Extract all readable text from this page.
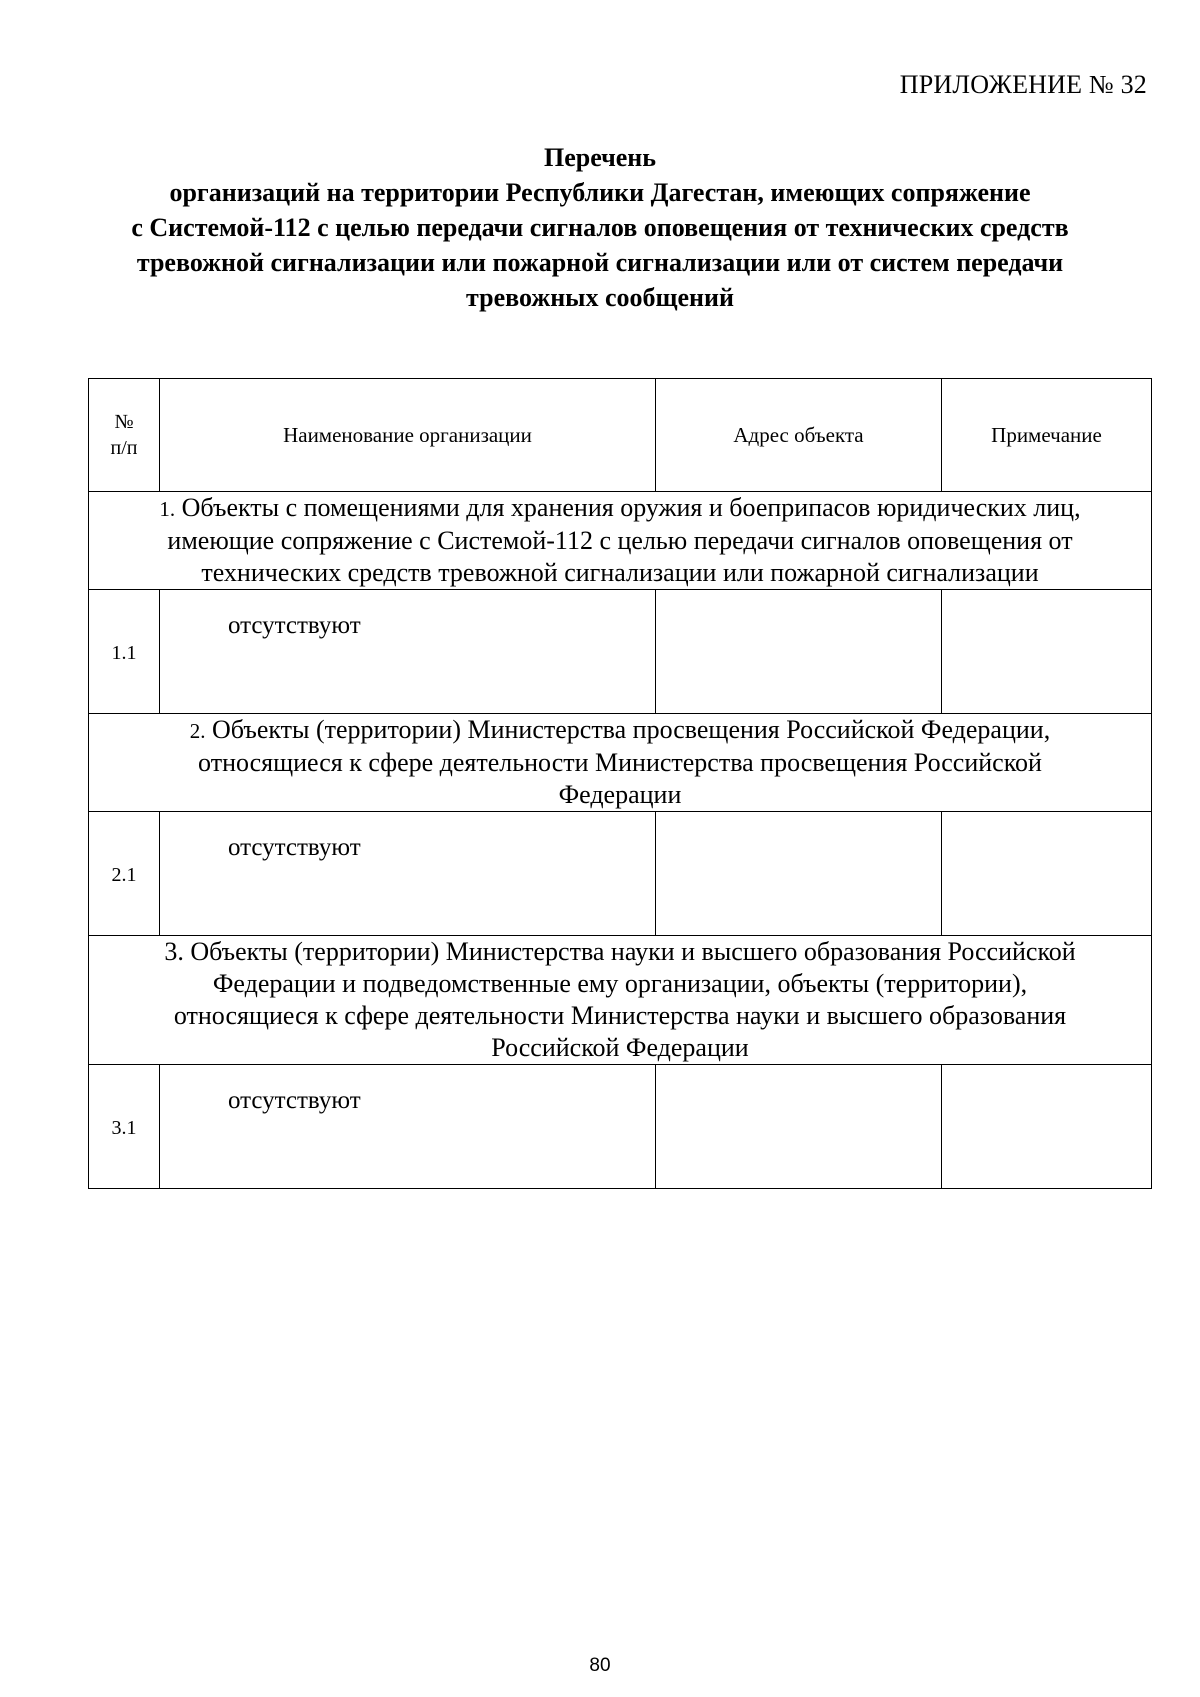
ПРИЛОЖЕНИЕ № 32
Перечень
организаций на территории Республики Дагестан, имеющих сопряжение
с Системой-112 с целью передачи сигналов оповещения от технических средств
тревожной сигнализации или пожарной сигнализации или от систем передачи
тревожных сообщений
№
п/п	Наименование организации	Адрес объекта	Примечание
1. Объекты с помещениями для хранения оружия и боеприпасов юридических лиц,
имеющие сопряжение с Системой-112 с целью передачи сигналов оповещения от
технических средств тревожной сигнализации или пожарной сигнализации			
1.1	отсутствуют		
2. Объекты (территории) Министерства просвещения Российской Федерации,
относящиеся к сфере деятельности Министерства просвещения Российской
Федерации			
2.1	отсутствуют		
3. Объекты (территории) Министерства науки и высшего образования Российской
Федерации и подведомственные ему организации, объекты (территории),
относящиеся к сфере деятельности Министерства науки и высшего образования
Российской Федерации			
3.1	отсутствуют		
80
